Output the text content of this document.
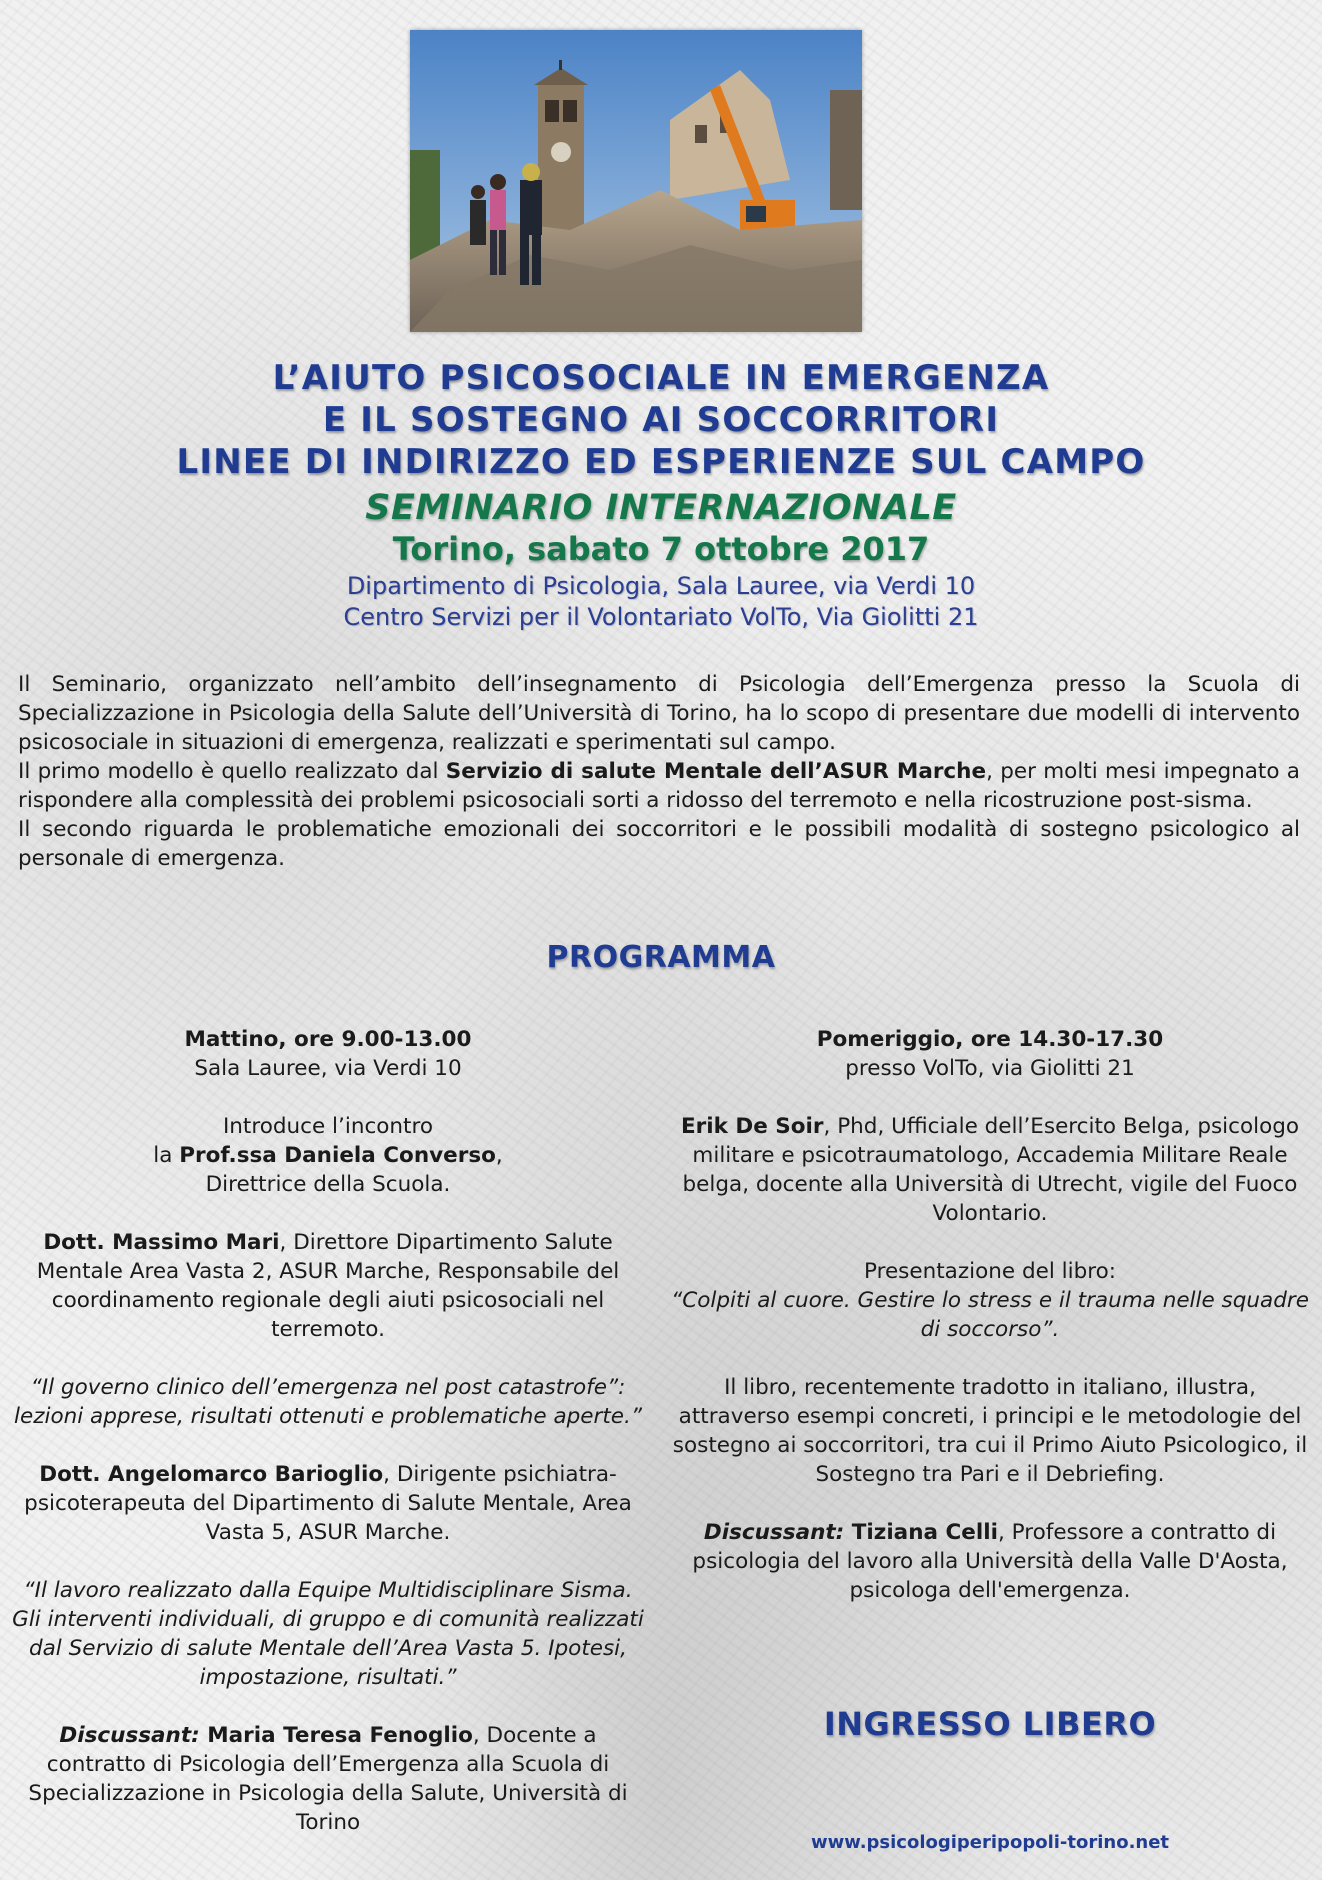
L’AIUTO PSICOSOCIALE IN EMERGENZA

E IL SOSTEGNO AI SOCCORRITORI

LINEE DI INDIRIZZO ED ESPERIENZE SUL CAMPO

SEMINARIO INTERNAZIONALE

Torino, sabato 7 ottobre 2017

Dipartimento di Psicologia, Sala Lauree, via Verdi 10

Centro Servizi per il Volontariato VolTo, Via Giolitti 21

Il Seminario, organizzato nell’ambito dell’insegnamento di Psicologia dell’Emergenza presso la Scuola di Specializzazione in Psicologia della Salute dell’Università di Torino, ha lo scopo di presentare due modelli di intervento psicosociale in situazioni di emergenza, realizzati e sperimentati sul campo.

Il primo modello è quello realizzato dal Servizio di salute Mentale dell’ASUR Marche, per molti mesi impegnato a rispondere alla complessità dei problemi psicosociali sorti a ridosso del terremoto e nella ricostruzione post-sisma.

Il secondo riguarda le problematiche emozionali dei soccorritori e le possibili modalità di sostegno psicologico al personale di emergenza.

PROGRAMMA

Mattino, ore 9.00-13.00
Sala Lauree, via Verdi 10

Introduce l’incontro
la Prof.ssa Daniela Converso,
Direttrice della Scuola.

Dott. Massimo Mari, Direttore Dipartimento Salute Mentale Area Vasta 2, ASUR Marche, Responsabile del coordinamento regionale degli aiuti psicosociali nel terremoto.

“Il governo clinico dell’emergenza nel post catastrofe”: lezioni apprese, risultati ottenuti e problematiche aperte.”

Dott. Angelomarco Barioglio, Dirigente psichiatra-psicoterapeuta del Dipartimento di Salute Mentale, Area Vasta 5, ASUR Marche.

“Il lavoro realizzato dalla Equipe Multidisciplinare Sisma. Gli interventi individuali, di gruppo e di comunità realizzati dal Servizio di salute Mentale dell’Area Vasta 5. Ipotesi, impostazione, risultati.”

Discussant: Maria Teresa Fenoglio, Docente a contratto di Psicologia dell’Emergenza alla Scuola di Specializzazione in Psicologia della Salute, Università di Torino

Pomeriggio, ore 14.30-17.30
presso VolTo, via Giolitti 21

Erik De Soir, Phd, Ufficiale dell’Esercito Belga, psicologo militare e psicotraumatologo, Accademia Militare Reale belga, docente alla Università di Utrecht, vigile del Fuoco Volontario.

Presentazione del libro:
“Colpiti al cuore. Gestire lo stress e il trauma nelle squadre di soccorso”.

Il libro, recentemente tradotto in italiano, illustra, attraverso esempi concreti, i principi e le metodologie del sostegno ai soccorritori, tra cui il Primo Aiuto Psicologico, il Sostegno tra Pari e il Debriefing.

Discussant: Tiziana Celli, Professore a contratto di psicologia del lavoro alla Università della Valle D'Aosta, psicologa dell'emergenza.

INGRESSO LIBERO
www.psicologiperipopoli-torino.net
